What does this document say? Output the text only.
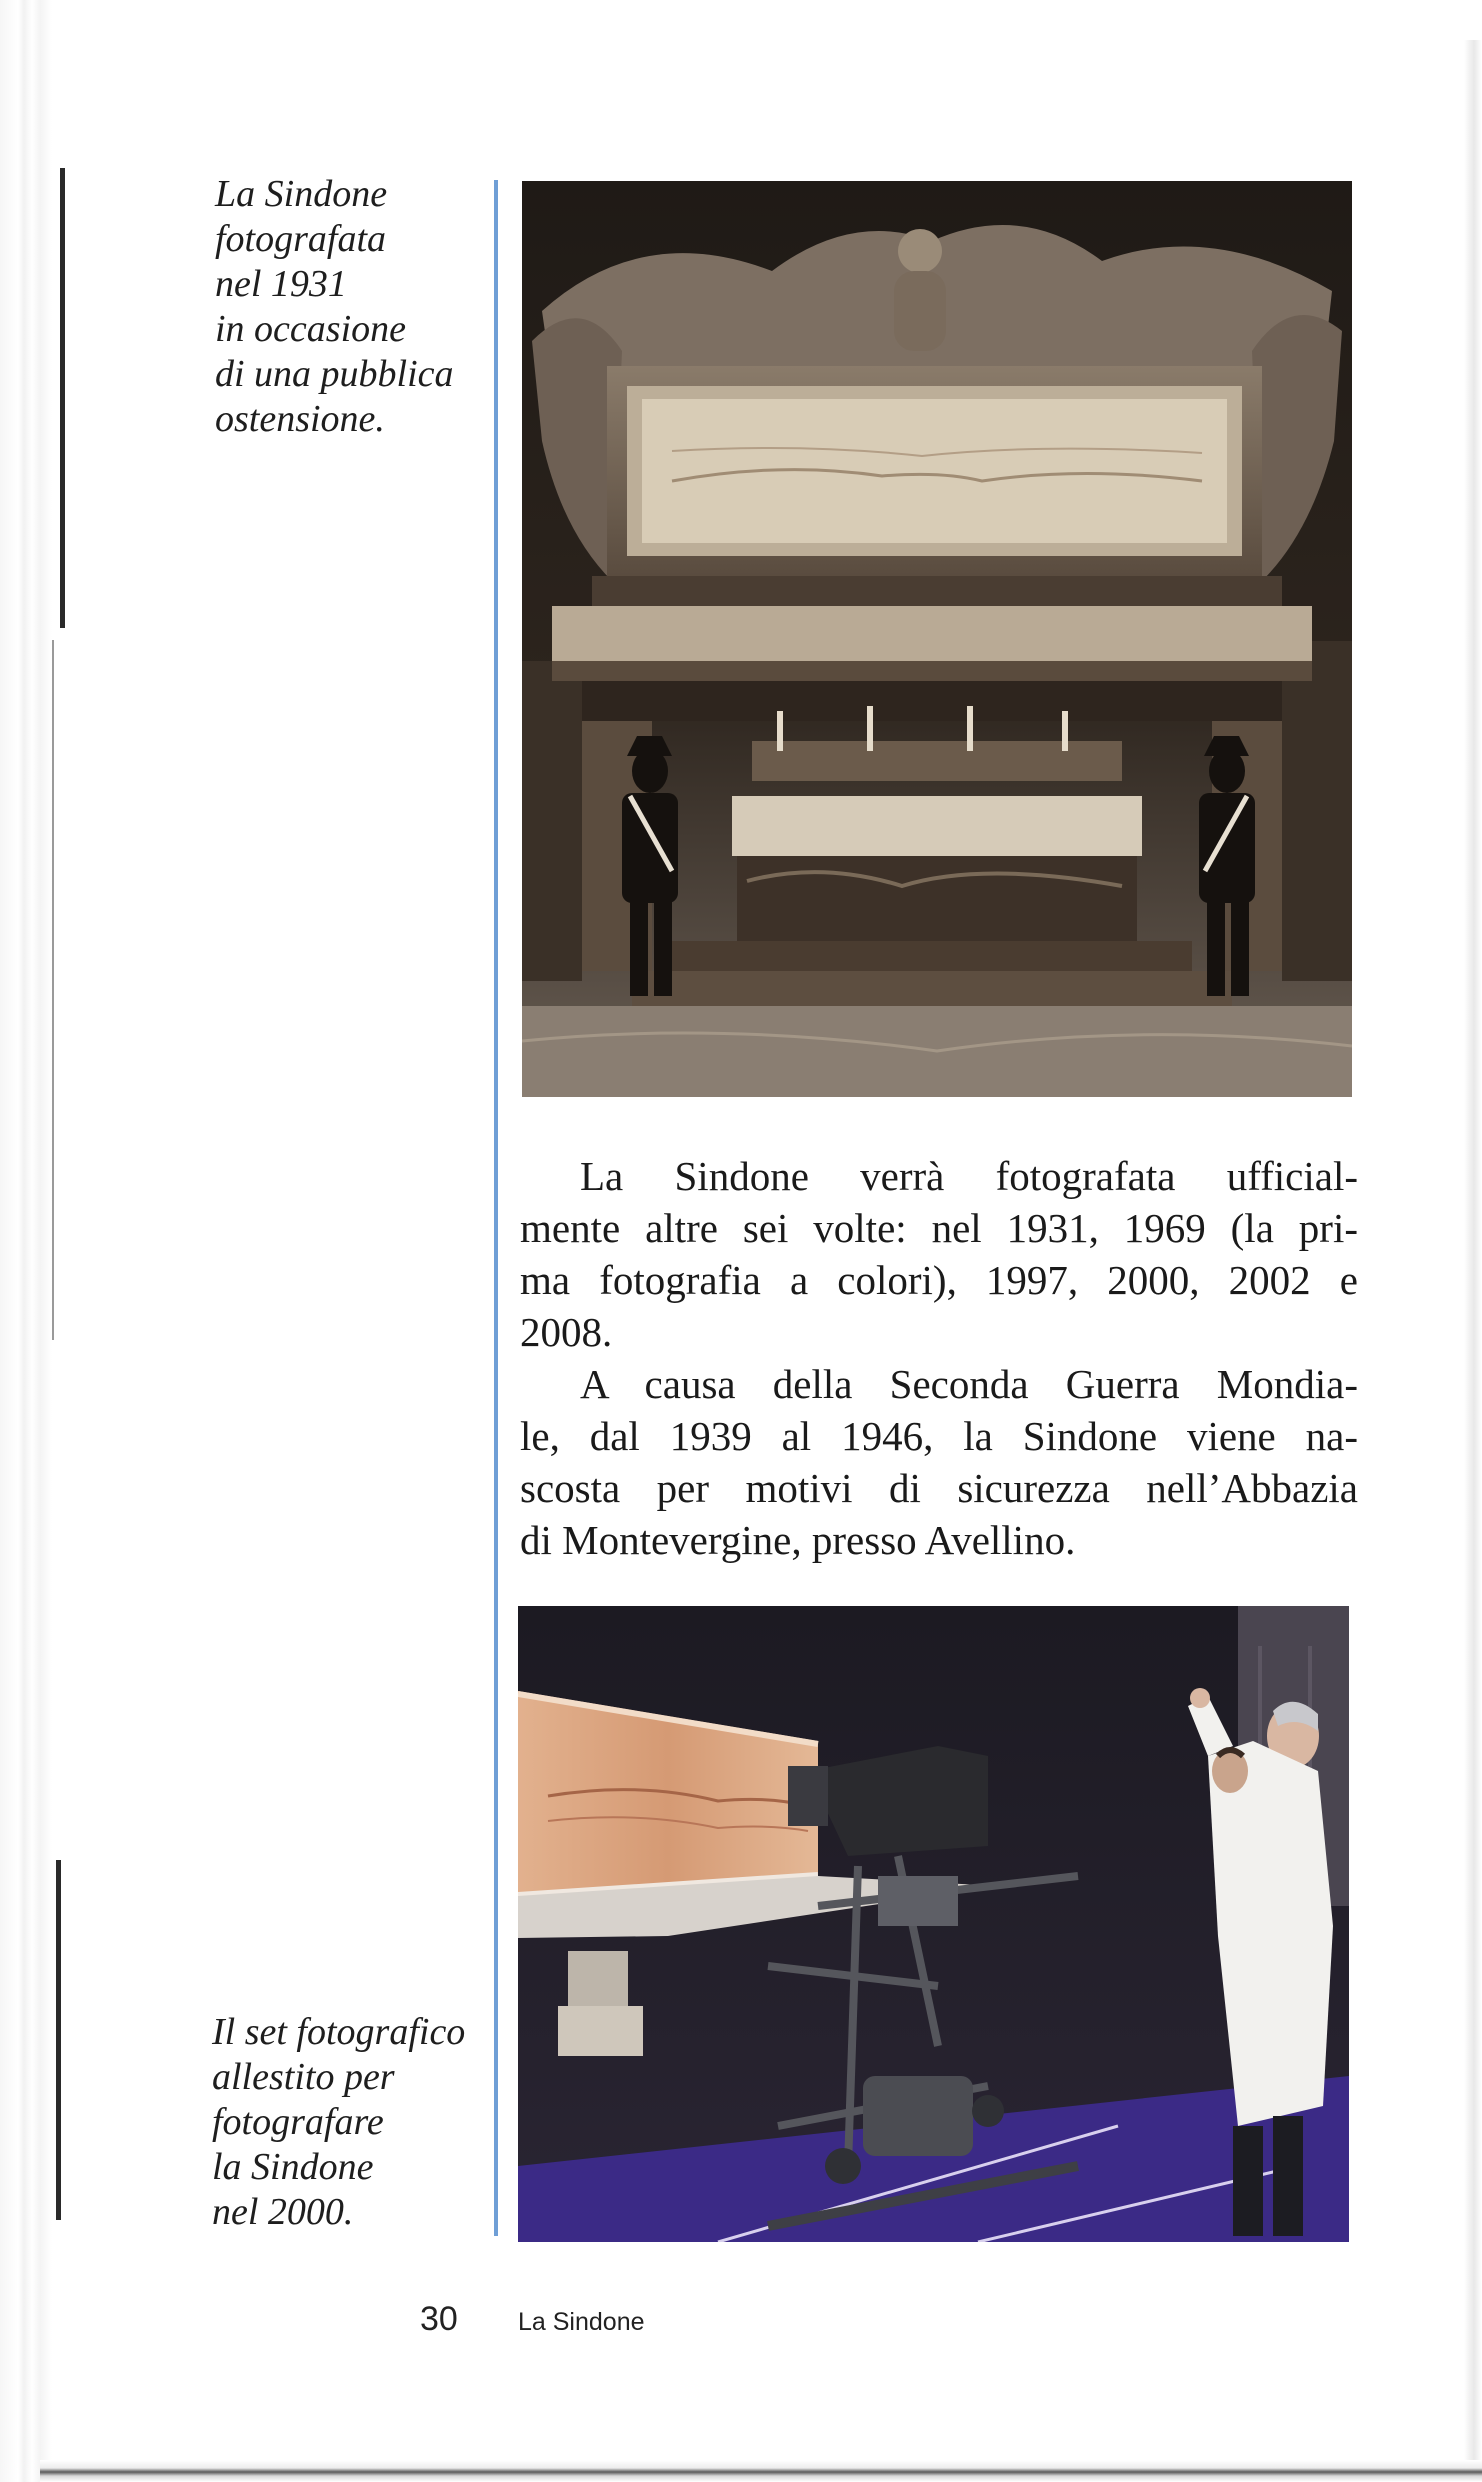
La Sindone
fotografata
nel 1931
in occasione
di una pubblica
ostensione.

La Sindone verrà fotografata ufficial-
mente altre sei volte: nel 1931, 1969 (la pri-
ma fotografia a colori), 1997, 2000, 2002 e
2008.

A causa della Seconda Guerra Mondia-
le, dal 1939 al 1946, la Sindone viene na-
scosta per motivi di sicurezza nell’Abbazia
di Montevergine, presso Avellino.

Il set fotografico
allestito per
fotografare
la Sindone
nel 2000.
30 La Sindone
